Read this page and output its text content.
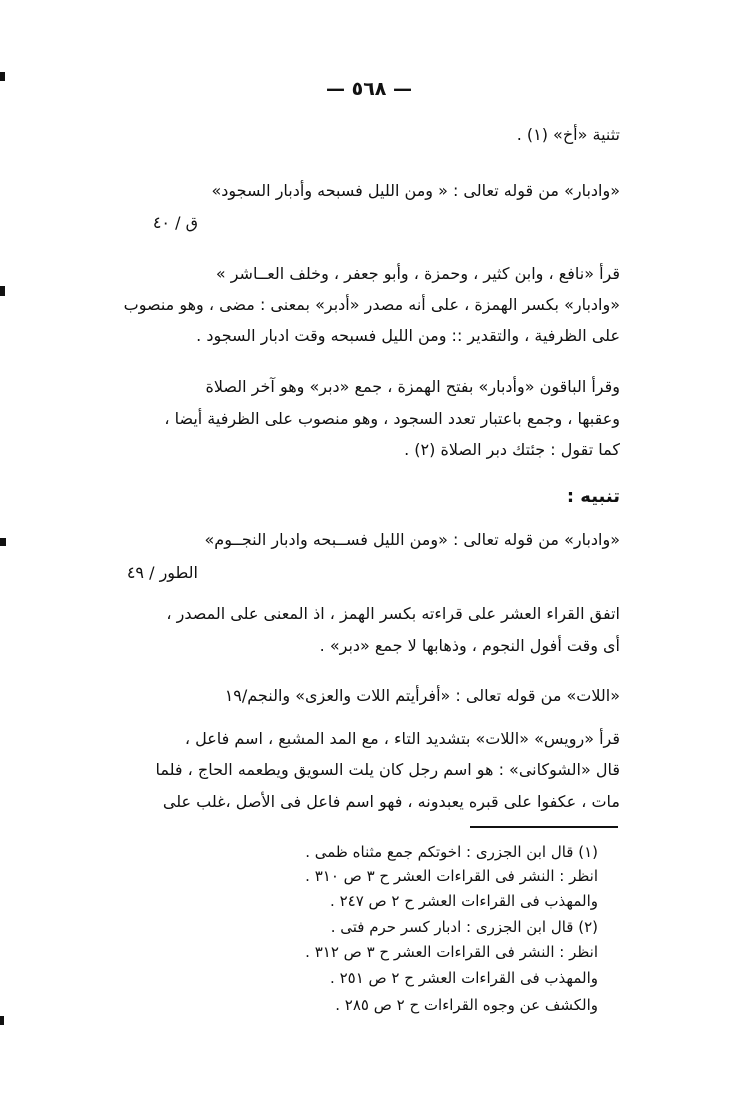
— ٥٦٨ —
تثنية «أخ» (١) .
«وادبار» من قوله تعالى : « ومن الليل فسبحه وأدبار السجود»
ق / ٤٠
قرأ «نافع ، وابن كثير ، وحمزة ، وأبو جعفر ، وخلف العــاشر »
«وادبار» بكسر الهمزة ، على أنه مصدر «أدبر» بمعنى : مضى ، وهو منصوب
على الظرفية ، والتقدير :: ومن الليل فسبحه وقت ادبار السجود .
وقرأ الباقون «وأدبار» بفتح الهمزة ، جمع «دبر» وهو آخر الصلاة
وعقبها ، وجمع باعتبار تعدد السجود ، وهو منصوب على الظرفية أيضا ،
كما تقول : جئتك دبر الصلاة (٢) .
تنبيه :
«وادبار» من قوله تعالى : «ومن الليل فســبحه وادبار النجــوم»
الطور / ٤٩
اتفق القراء العشر على قراءته بكسر الهمز ، اذ المعنى على المصدر ،
أى وقت أفول النجوم ، وذهابها لا جمع «دبر» .
«اللات» من قوله تعالى : «أفرأيتم اللات والعزى» والنجم/١٩
قرأ «رويس» «اللات» بتشديد التاء ، مع المد المشبع ، اسم فاعل ،
قال «الشوكانى» : هو اسم رجل كان يلت السويق ويطعمه الحاج ، فلما
مات ، عكفوا على قبره يعبدونه ، فهو اسم فاعل فى الأصل ،غلب على
(١) قال ابن الجزرى : اخوتكم جمع مثناه ظمى .
انظر : النشر فى القراءات العشر ح ٣ ص ٣١٠ .
والمهذب فى القراءات العشر ح ٢ ص ٢٤٧ .
(٢) قال ابن الجزرى : ادبار كسر حرم فتى .
انظر : النشر فى القراءات العشر ح ٣ ص ٣١٢ .
والمهذب فى القراءات العشر ح ٢ ص ٢٥١ .
والكشف عن وجوه القراءات ح ٢ ص ٢٨٥ .
